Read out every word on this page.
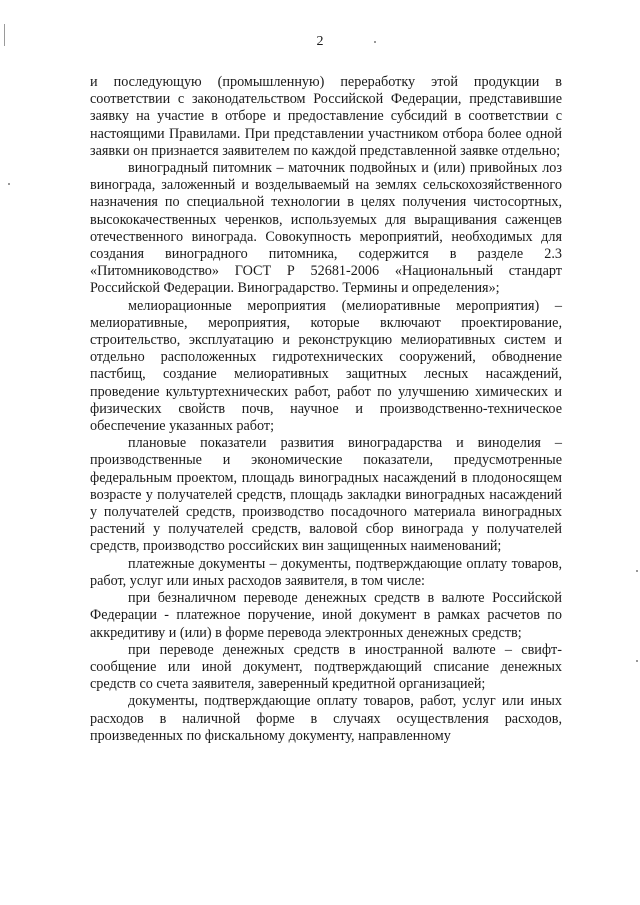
2

и последующую (промышленную) переработку этой продукции в соответствии с законодательством Российской Федерации, представившие заявку на участие в отборе и предоставление субсидий в соответствии с настоящими Правилами. При представлении участником отбора более одной заявки он признается заявителем по каждой представленной заявке отдельно;

виноградный питомник – маточник подвойных и (или) привойных лоз винограда, заложенный и возделываемый на землях сельскохозяйственного назначения по специальной технологии в целях получения чистосортных, высококачественных черенков, используемых для выращивания саженцев отечественного винограда. Совокупность мероприятий, необходимых для создания виноградного питомника, содержится в разделе 2.3 «Питомниководство» ГОСТ Р 52681-2006 «Национальный стандарт Российской Федерации. Виноградарство. Термины и определения»;

мелиорационные мероприятия (мелиоративные мероприятия) – мелиоративные, мероприятия, которые включают проектирование, строительство, эксплуатацию и реконструкцию мелиоративных систем и отдельно расположенных гидротехнических сооружений, обводнение пастбищ, создание мелиоративных защитных лесных насаждений, проведение культуртехнических работ, работ по улучшению химических и физических свойств почв, научное и производственно-техническое обеспечение указанных работ;

плановые показатели развития виноградарства и виноделия – производственные и экономические показатели, предусмотренные федеральным проектом, площадь виноградных насаждений в плодоносящем возрасте у получателей средств, площадь закладки виноградных насаждений у получателей средств, производство посадочного материала виноградных растений у получателей средств, валовой сбор винограда у получателей средств, производство российских вин защищенных наименований;

платежные документы – документы, подтверждающие оплату товаров, работ, услуг или иных расходов заявителя, в том числе:

при безналичном переводе денежных средств в валюте Российской Федерации - платежное поручение, иной документ в рамках расчетов по аккредитиву и (или) в форме перевода электронных денежных средств;

при переводе денежных средств в иностранной валюте – свифт-сообщение или иной документ, подтверждающий списание денежных средств со счета заявителя, заверенный кредитной организацией;

документы, подтверждающие оплату товаров, работ, услуг или иных расходов в наличной форме в случаях осуществления расходов, произведенных по фискальному документу, направленному
